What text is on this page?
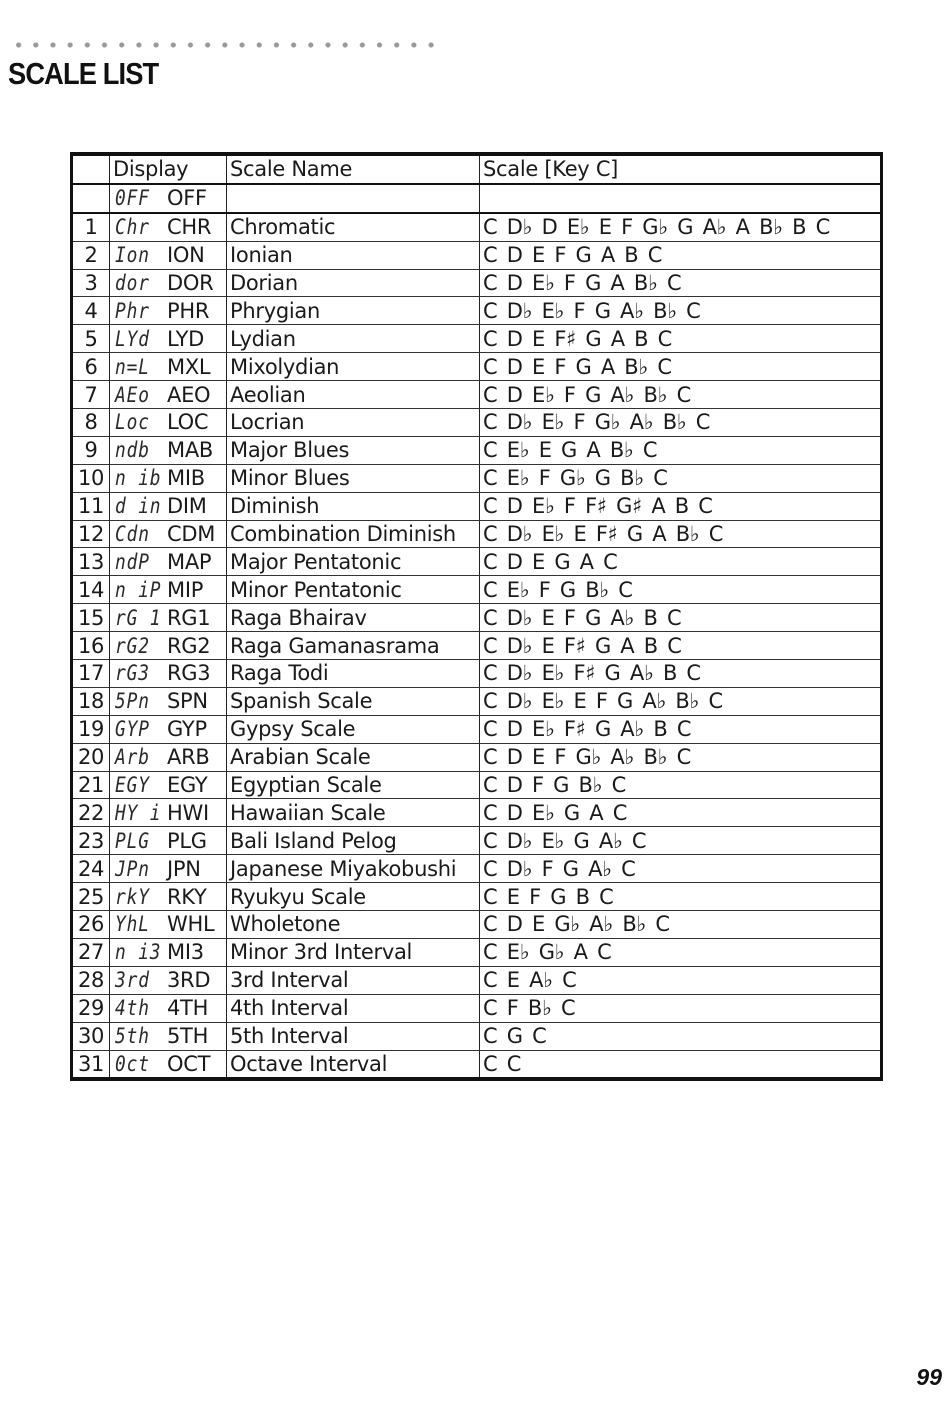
SCALE LIST
	Display	Scale Name	Scale [Key C]
	0FF OFF		
1	Chr CHR	Chromatic	C D♭ D E♭ E F G♭ G A♭ A B♭ B C
2	Ion ION	Ionian	C D E F G A B C
3	dor DOR	Dorian	C D E♭ F G A B♭ C
4	Phr PHR	Phrygian	C D♭ E♭ F G A♭ B♭ C
5	LYd LYD	Lydian	C D E F♯ G A B C
6	n=L MXL	Mixolydian	C D E F G A B♭ C
7	AEo AEO	Aeolian	C D E♭ F G A♭ B♭ C
8	Loc LOC	Locrian	C D♭ E♭ F G♭ A♭ B♭ C
9	ndb MAB	Major Blues	C E♭ E G A B♭ C
10	n ib MIB	Minor Blues	C E♭ F G♭ G B♭ C
11	d in DIM	Diminish	C D E♭ F F♯ G♯ A B C
12	Cdn CDM	Combination Diminish	C D♭ E♭ E F♯ G A B♭ C
13	ndP MAP	Major Pentatonic	C D E G A C
14	n iP MIP	Minor Pentatonic	C E♭ F G B♭ C
15	rG 1 RG1	Raga Bhairav	C D♭ E F G A♭ B C
16	rG2 RG2	Raga Gamanasrama	C D♭ E F♯ G A B C
17	rG3 RG3	Raga Todi	C D♭ E♭ F♯ G A♭ B C
18	5Pn SPN	Spanish Scale	C D♭ E♭ E F G A♭ B♭ C
19	GYP GYP	Gypsy Scale	C D E♭ F♯ G A♭ B C
20	Arb ARB	Arabian Scale	C D E F G♭ A♭ B♭ C
21	EGY EGY	Egyptian Scale	C D F G B♭ C
22	HY i HWI	Hawaiian Scale	C D E♭ G A C
23	PLG PLG	Bali Island Pelog	C D♭ E♭ G A♭ C
24	JPn JPN	Japanese Miyakobushi	C D♭ F G A♭ C
25	rkY RKY	Ryukyu Scale	C E F G B C
26	YhL WHL	Wholetone	C D E G♭ A♭ B♭ C
27	n i3 MI3	Minor 3rd Interval	C E♭ G♭ A C
28	3rd 3RD	3rd Interval	C E A♭ C
29	4th 4TH	4th Interval	C F B♭ C
30	5th 5TH	5th Interval	C G C
31	0ct OCT	Octave Interval	C C
99
